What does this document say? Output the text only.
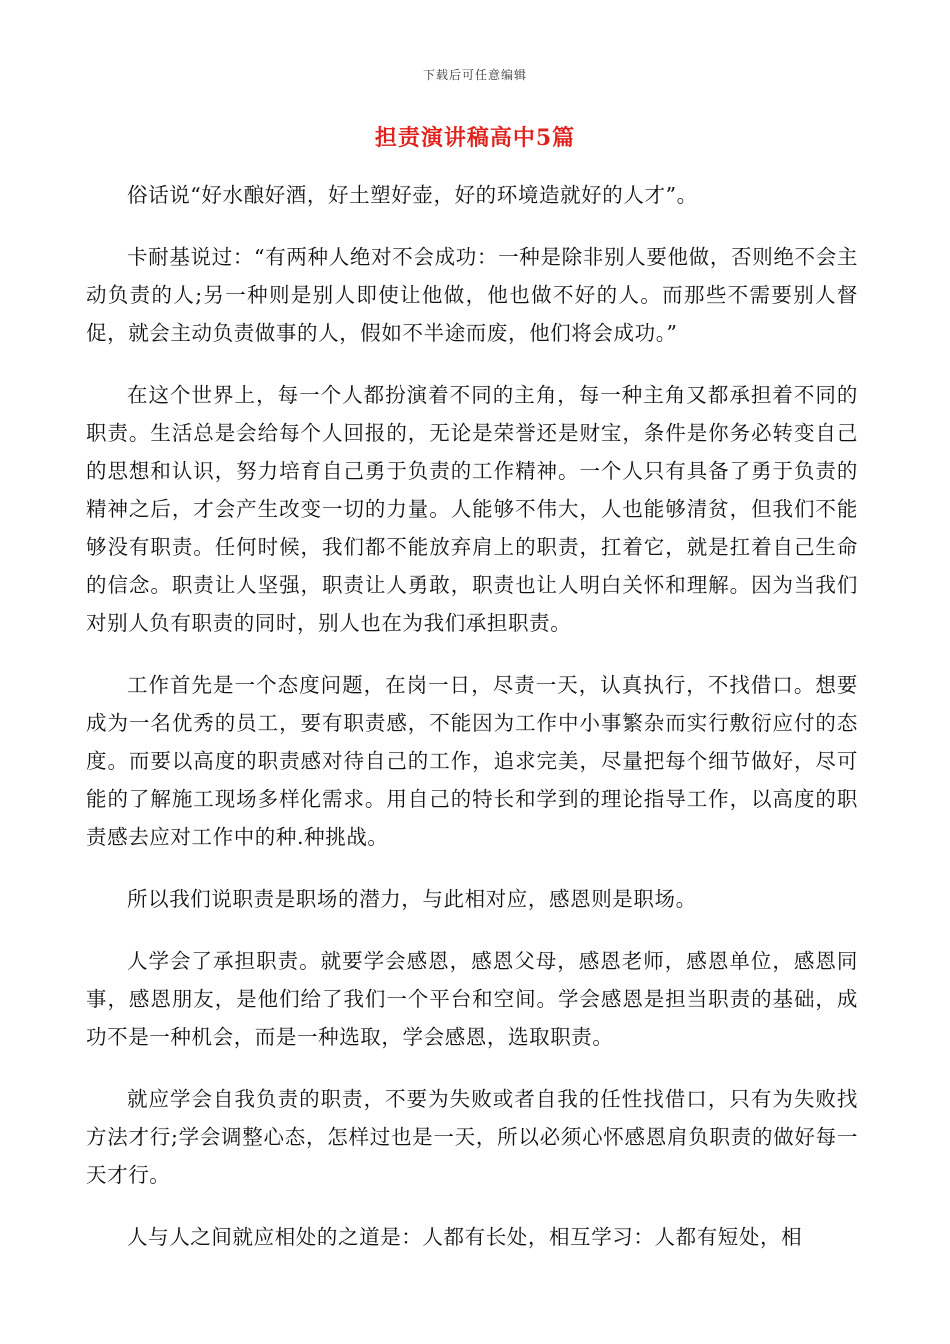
下载后可任意编辑
担责演讲稿高中5篇

俗话说“好水酿好酒，好土塑好壶，好的环境造就好的人才”。

卡耐基说过：“有两种人绝对不会成功：一种是除非别人要他做，否则绝不会主动负责的人;另一种则是别人即使让他做，他也做不好的人。而那些不需要别人督促，就会主动负责做事的人，假如不半途而废，他们将会成功。”

在这个世界上，每一个人都扮演着不同的主角，每一种主角又都承担着不同的职责。生活总是会给每个人回报的，无论是荣誉还是财宝，条件是你务必转变自己的思想和认识，努力培育自己勇于负责的工作精神。一个人只有具备了勇于负责的精神之后，才会产生改变一切的力量。人能够不伟大，人也能够清贫，但我们不能够没有职责。任何时候，我们都不能放弃肩上的职责，扛着它，就是扛着自己生命的信念。职责让人坚强，职责让人勇敢，职责也让人明白关怀和理解。因为当我们对别人负有职责的同时，别人也在为我们承担职责。

工作首先是一个态度问题，在岗一日，尽责一天，认真执行，不找借口。想要成为一名优秀的员工，要有职责感，不能因为工作中小事繁杂而实行敷衍应付的态度。而要以高度的职责感对待自己的工作，追求完美，尽量把每个细节做好，尽可能的了解施工现场多样化需求。用自己的特长和学到的理论指导工作，以高度的职责感去应对工作中的种.种挑战。

所以我们说职责是职场的潜力，与此相对应，感恩则是职场。

人学会了承担职责。就要学会感恩，感恩父母，感恩老师，感恩单位，感恩同事，感恩朋友，是他们给了我们一个平台和空间。学会感恩是担当职责的基础，成功不是一种机会，而是一种选取，学会感恩，选取职责。

就应学会自我负责的职责，不要为失败或者自我的任性找借口，只有为失败找方法才行;学会调整心态，怎样过也是一天，所以必须心怀感恩肩负职责的做好每一天才行。

人与人之间就应相处的之道是：人都有长处，相互学习：人都有短处，相
